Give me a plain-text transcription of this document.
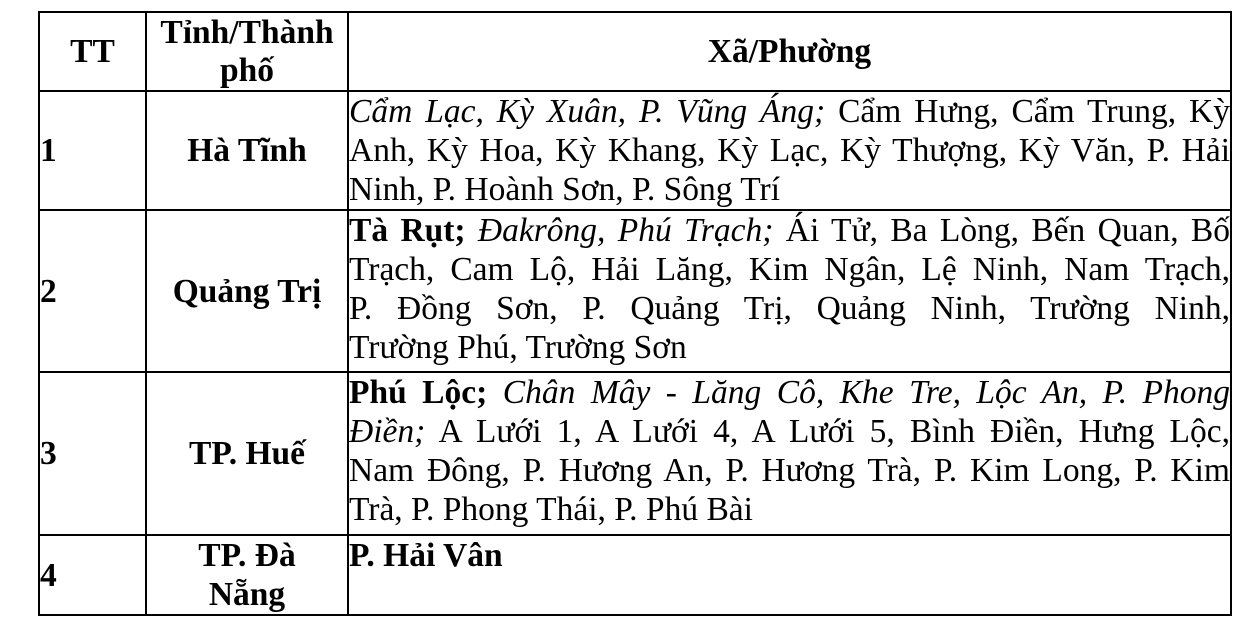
TT	Tỉnh/Thành phố	Xã/Phường
1	Hà Tĩnh	Cẩm Lạc, Kỳ Xuân, P. Vũng Áng; Cẩm Hưng, Cẩm Trung, Kỳ
Anh, Kỳ Hoa, Kỳ Khang, Kỳ Lạc, Kỳ Thượng, Kỳ Văn, P. Hải
Ninh, P. Hoành Sơn, P. Sông Trí

2	Quảng Trị	Tà Rụt; Đakrông, Phú Trạch; Ái Tử, Ba Lòng, Bến Quan, Bố
Trạch, Cam Lộ, Hải Lăng, Kim Ngân, Lệ Ninh, Nam Trạch,
P. Đồng Sơn, P. Quảng Trị, Quảng Ninh, Trường Ninh,
Trường Phú, Trường Sơn

3	TP. Huế	Phú Lộc; Chân Mây - Lăng Cô, Khe Tre, Lộc An, P. Phong
Điền; A Lưới 1, A Lưới 4, A Lưới 5, Bình Điền, Hưng Lộc,
Nam Đông, P. Hương An, P. Hương Trà, P. Kim Long, P. Kim
Trà, P. Phong Thái, P. Phú Bài

4	TP. Đà Nẵng	P. Hải Vân
